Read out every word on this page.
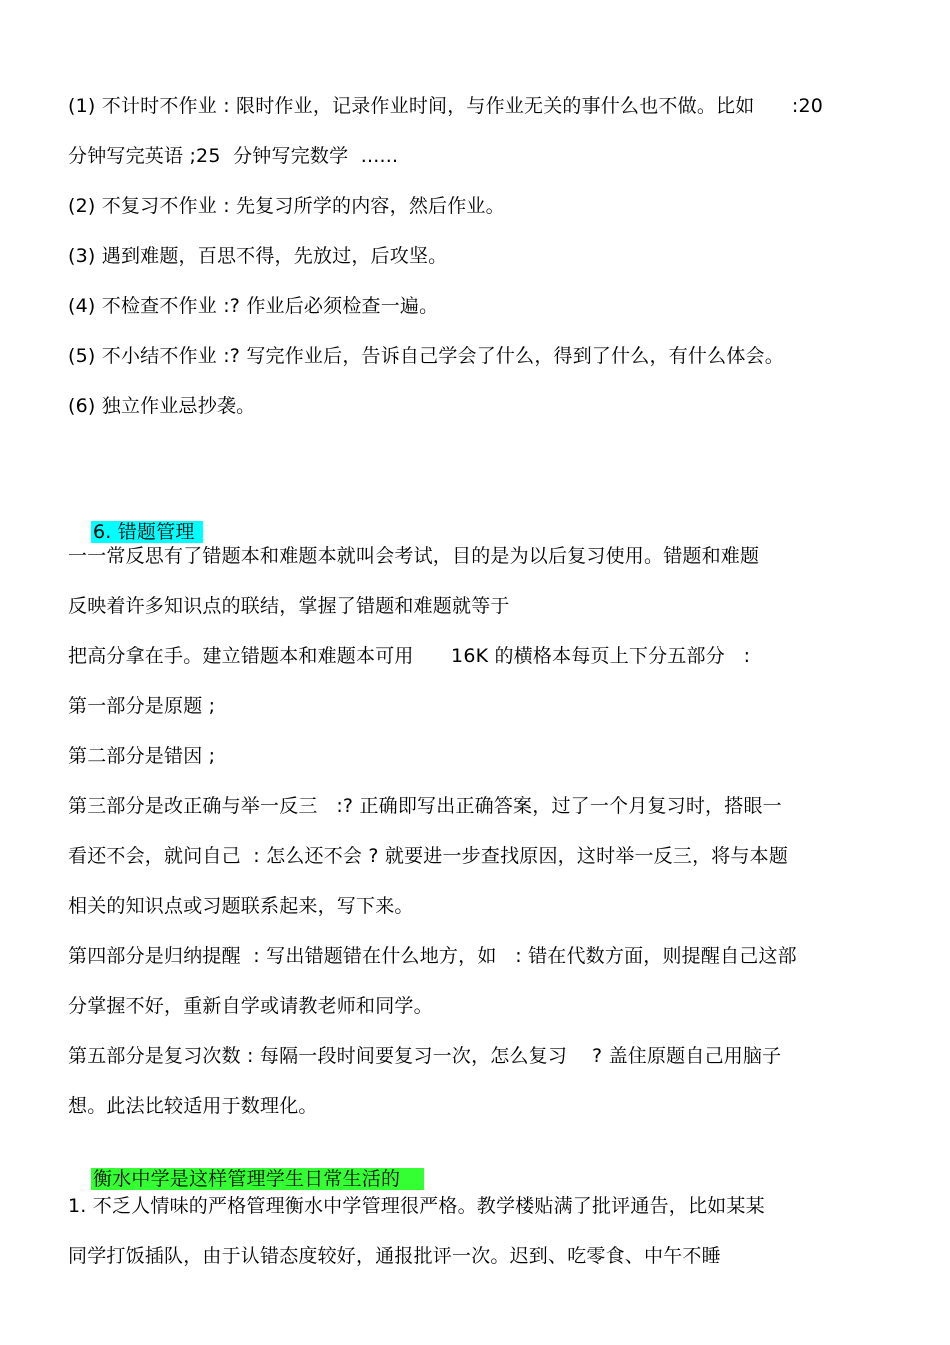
(1) 不计时不作业 : 限时作业，记录作业时间，与作业无关的事什么也不做。比如      :20
分钟写完英语 ;25  分钟写完数学  ......
(2) 不复习不作业 : 先复习所学的内容，然后作业。
(3) 遇到难题，百思不得，先放过，后攻坚。
(4) 不检查不作业 :? 作业后必须检查一遍。
(5) 不小结不作业 :? 写完作业后，告诉自己学会了什么，得到了什么，有什么体会。
(6) 独立作业忌抄袭。

6. 错题管理

一一常反思有了错题本和难题本就叫会考试，目的是为以后复习使用。错题和难题
反映着许多知识点的联结，掌握了错题和难题就等于
把高分拿在手。建立错题本和难题本可用      16K 的横格本每页上下分五部分   :
第一部分是原题 ;
第二部分是错因 ;
第三部分是改正确与举一反三   :? 正确即写出正确答案，过了一个月复习时，搭眼一
看还不会，就问自己  : 怎么还不会 ? 就要进一步查找原因，这时举一反三，将与本题
相关的知识点或习题联系起来，写下来。
第四部分是归纳提醒  : 写出错题错在什么地方，如   : 错在代数方面，则提醒自己这部
分掌握不好，重新自学或请教老师和同学。
第五部分是复习次数 : 每隔一段时间要复习一次，怎么复习    ? 盖住原题自己用脑子
想。此法比较适用于数理化。

衡水中学是这样管理学生日常生活的

1. 不乏人情味的严格管理衡水中学管理很严格。教学楼贴满了批评通告，比如某某
同学打饭插队，由于认错态度较好，通报批评一次。迟到、吃零食、中午不睡
